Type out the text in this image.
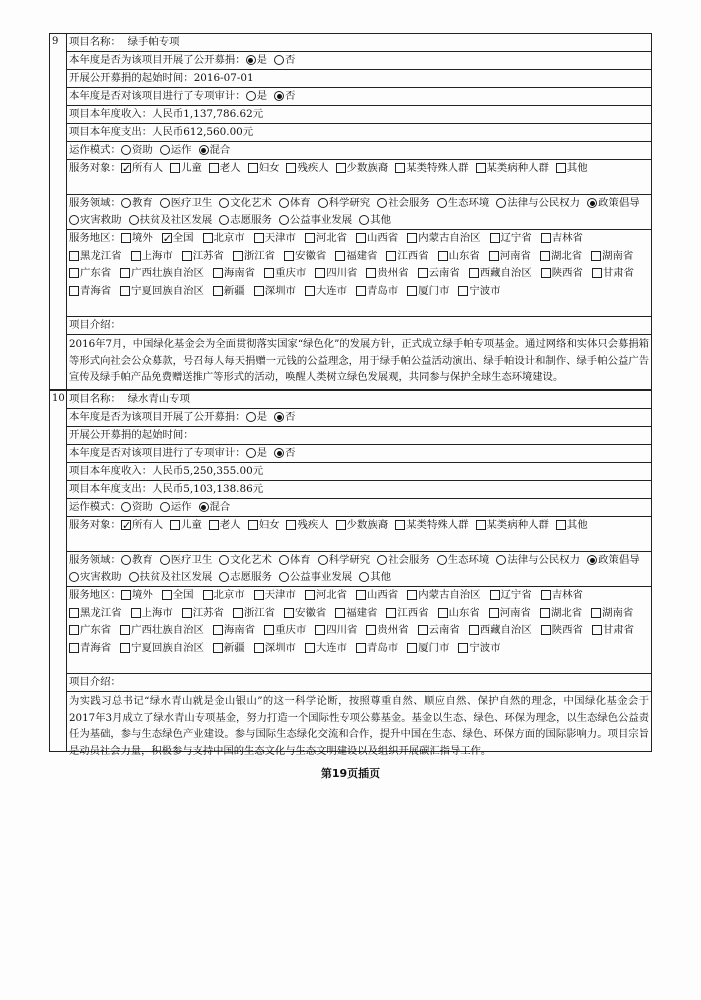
9	项目名称： 绿手帕专项
本年度是否为该项目开展了公开募捐： 是 否
开展公开募捐的起始时间：2016-07-01
本年度是否对该项目进行了专项审计： 是 否
项目本年度收入：人民币1,137,786.62元
项目本年度支出：人民币612,560.00元
运作模式： 资助 运作 混合
服务对象： ✓ 所有人 儿童 老人 妇女 残疾人 少数族裔 某类特殊人群 某类病种人群 其他
服务领域： 教育 医疗卫生 文化艺术 体育 科学研究 社会服务 生态环境 法律与公民权力 政策倡导灾害救助 扶贫及社区发展 志愿服务 公益事业发展 其他
服务地区： 境外 ✓ 全国 北京市 天津市 河北省 山西省 内蒙古自治区 辽宁省 吉林省黑龙江省 上海市 江苏省 浙江省 安徽省 福建省 江西省 山东省 河南省 湖北省 湖南省广东省 广西壮族自治区 海南省 重庆市 四川省 贵州省 云南省 西藏自治区 陕西省 甘肃省青海省 宁夏回族自治区 新疆 深圳市 大连市 青岛市 厦门市 宁波市
项目介绍：
2016年7月，中国绿化基金会为全面贯彻落实国家“绿色化”的发展方针，正式成立绿手帕专项基金。通过网络和实体只会募捐箱等形式向社会公众募款，号召每人每天捐赠一元钱的公益理念，用于绿手帕公益活动演出、绿手帕设计和制作、绿手帕公益广告宣传及绿手帕产品免费赠送推广等形式的活动，唤醒人类树立绿色发展观，共同参与保护全球生态环境建设。
10 项目名称： 绿水青山专项
本年度是否为该项目开展了公开募捐： 是 否
开展公开募捐的起始时间：
本年度是否对该项目进行了专项审计： 是 否
项目本年度收入：人民币5,250,355.00元
项目本年度支出：人民币5,103,138.86元
运作模式： 资助 运作 混合
服务对象： ✓ 所有人 儿童 老人 妇女 残疾人 少数族裔 某类特殊人群 某类病种人群 其他
服务领域： 教育 医疗卫生 文化艺术 体育 科学研究 社会服务 生态环境 法律与公民权力 政策倡导灾害救助 扶贫及社区发展 志愿服务 公益事业发展 其他
服务地区： 境外 全国 北京市 天津市 河北省 山西省 内蒙古自治区 辽宁省 吉林省黑龙江省 上海市 江苏省 浙江省 安徽省 福建省 江西省 山东省 河南省 湖北省 湖南省广东省 广西壮族自治区 海南省 重庆市 四川省 贵州省 云南省 西藏自治区 陕西省 甘肃省青海省 宁夏回族自治区 新疆 深圳市 大连市 青岛市 厦门市 宁波市
项目介绍：
为实践习总书记“绿水青山就是金山银山”的这一科学论断，按照尊重自然、顺应自然、保护自然的理念，中国绿化基金会于2017年3月成立了绿水青山专项基金，努力打造一个国际性专项公募基金。基金以生态、绿色、环保为理念，以生态绿色公益责任为基础，参与生态绿色产业建设。参与国际生态绿化交流和合作，提升中国在生态、绿色、环保方面的国际影响力。项目宗旨是动员社会力量，积极参与支持中国的生态文化与生态文明建设以及组织开展碳汇指导工作。
第19页插页
